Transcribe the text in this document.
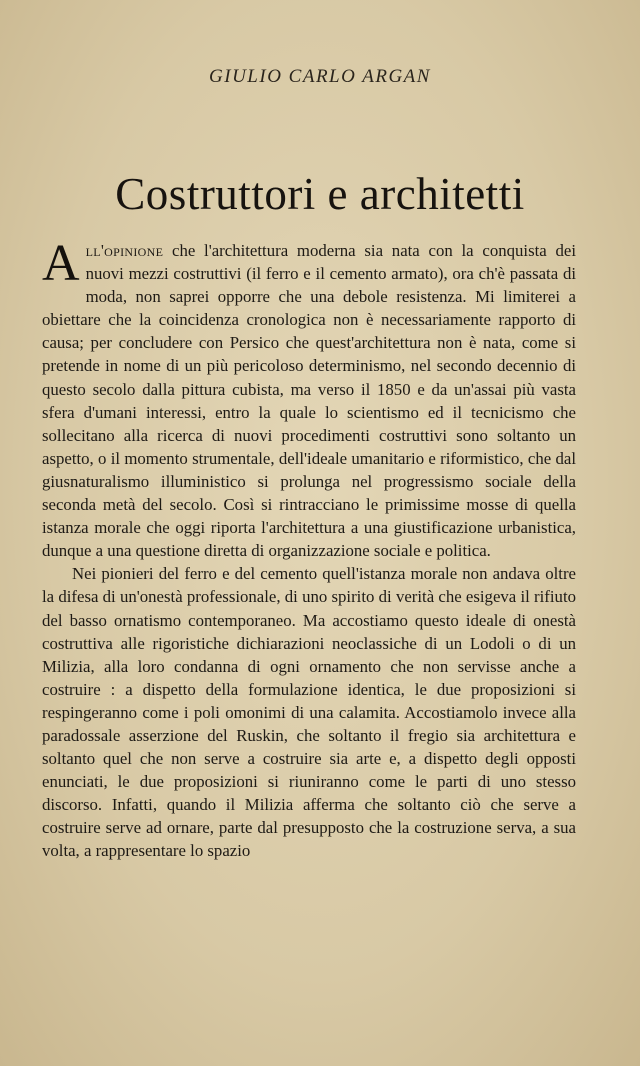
GIULIO CARLO ARGAN
Costruttori e architetti

All'opinione che l'architettura moderna sia nata con la conquista dei nuovi mezzi costruttivi (il ferro e il cemento armato), ora ch'è passata di moda, non saprei opporre che una debole resistenza. Mi limiterei a obiettare che la coincidenza cronologica non è necessariamente rapporto di causa; per concludere con Persico che quest'architettura non è nata, come si pretende in nome di un più pericoloso determinismo, nel secondo decennio di questo secolo dalla pittura cubista, ma verso il 1850 e da un'assai più vasta sfera d'umani interessi, entro la quale lo scientismo ed il tecnicismo che sollecitano alla ricerca di nuovi procedimenti costruttivi sono soltanto un aspetto, o il momento strumentale, dell'ideale umanitario e riformistico, che dal giusnaturalismo illuministico si prolunga nel progressismo sociale della seconda metà del secolo. Così si rintracciano le primissime mosse di quella istanza morale che oggi riporta l'architettura a una giustificazione urbanistica, dunque a una questione diretta di organizzazione sociale e politica.

Nei pionieri del ferro e del cemento quell'istanza morale non andava oltre la difesa di un'onestà professionale, di uno spirito di verità che esigeva il rifiuto del basso ornatismo contemporaneo. Ma accostiamo questo ideale di onestà costruttiva alle rigoristiche dichiarazioni neoclassiche di un Lodoli o di un Milizia, alla loro condanna di ogni ornamento che non servisse anche a costruire : a dispetto della formulazione identica, le due proposizioni si respingeranno come i poli omonimi di una calamita. Accostiamolo invece alla paradossale asserzione del Ruskin, che soltanto il fregio sia architettura e soltanto quel che non serve a costruire sia arte e, a dispetto degli opposti enunciati, le due proposizioni si riuniranno come le parti di uno stesso discorso. Infatti, quando il Milizia afferma che soltanto ciò che serve a costruire serve ad ornare, parte dal presupposto che la costruzione serva, a sua volta, a rappresentare lo spazio
